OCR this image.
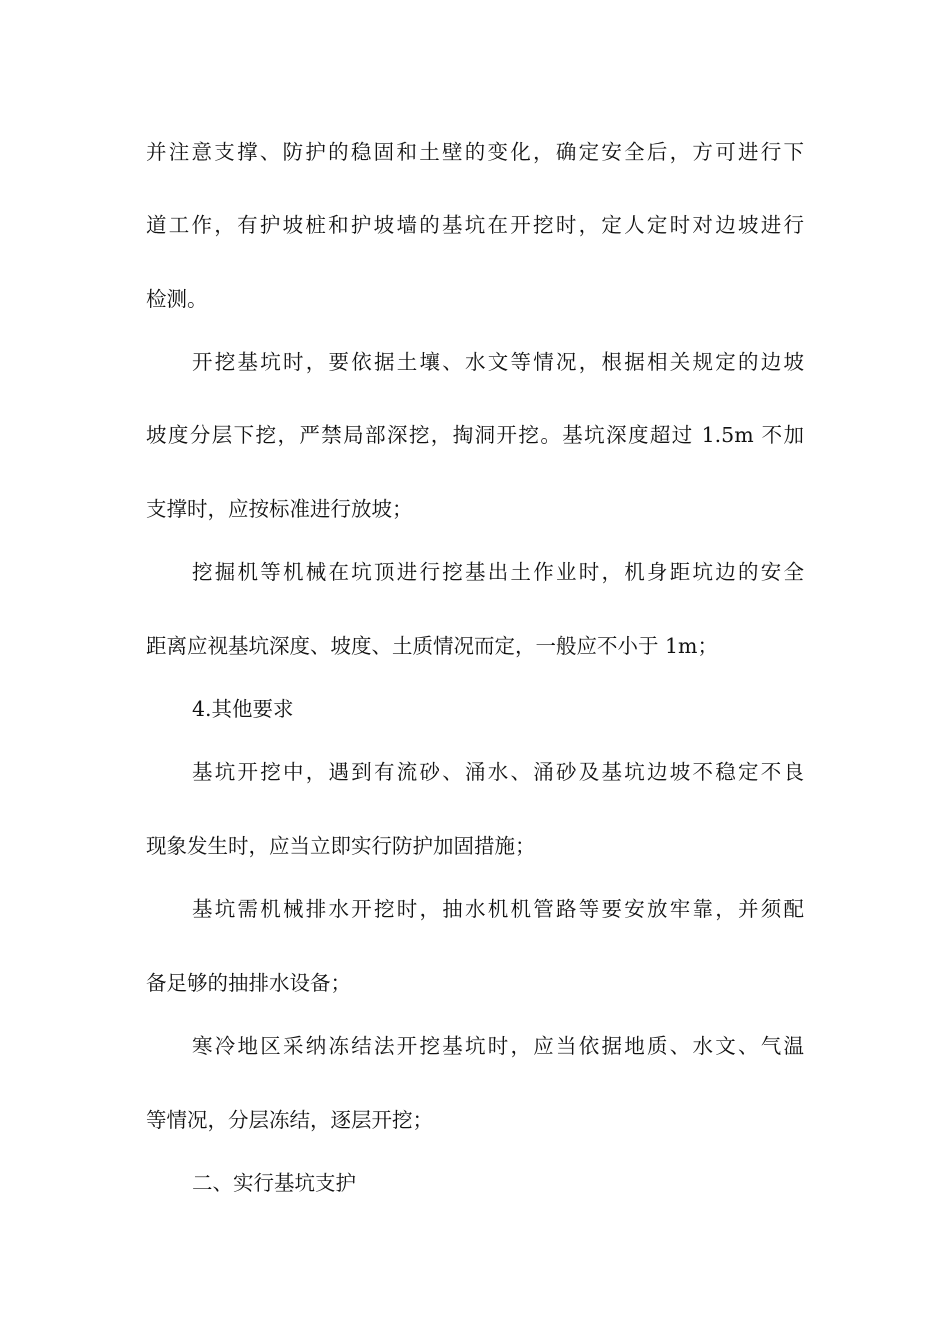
并注意支撑、防护的稳固和土壁的变化，确定安全后，方可进行下
道工作，有护坡桩和护坡墙的基坑在开挖时，定人定时对边坡进行
检测。
开挖基坑时，要依据土壤、水文等情况，根据相关规定的边坡
坡度分层下挖，严禁局部深挖，掏洞开挖。基坑深度超过 1.5m 不加
支撑时，应按标准进行放坡；
挖掘机等机械在坑顶进行挖基出土作业时，机身距坑边的安全
距离应视基坑深度、坡度、土质情况而定，一般应不小于 1m；
4.其他要求
基坑开挖中，遇到有流砂、涌水、涌砂及基坑边坡不稳定不良
现象发生时，应当立即实行防护加固措施；
基坑需机械排水开挖时，抽水机机管路等要安放牢靠，并须配
备足够的抽排水设备；
寒冷地区采纳冻结法开挖基坑时，应当依据地质、水文、气温
等情况，分层冻结，逐层开挖；
二、实行基坑支护
